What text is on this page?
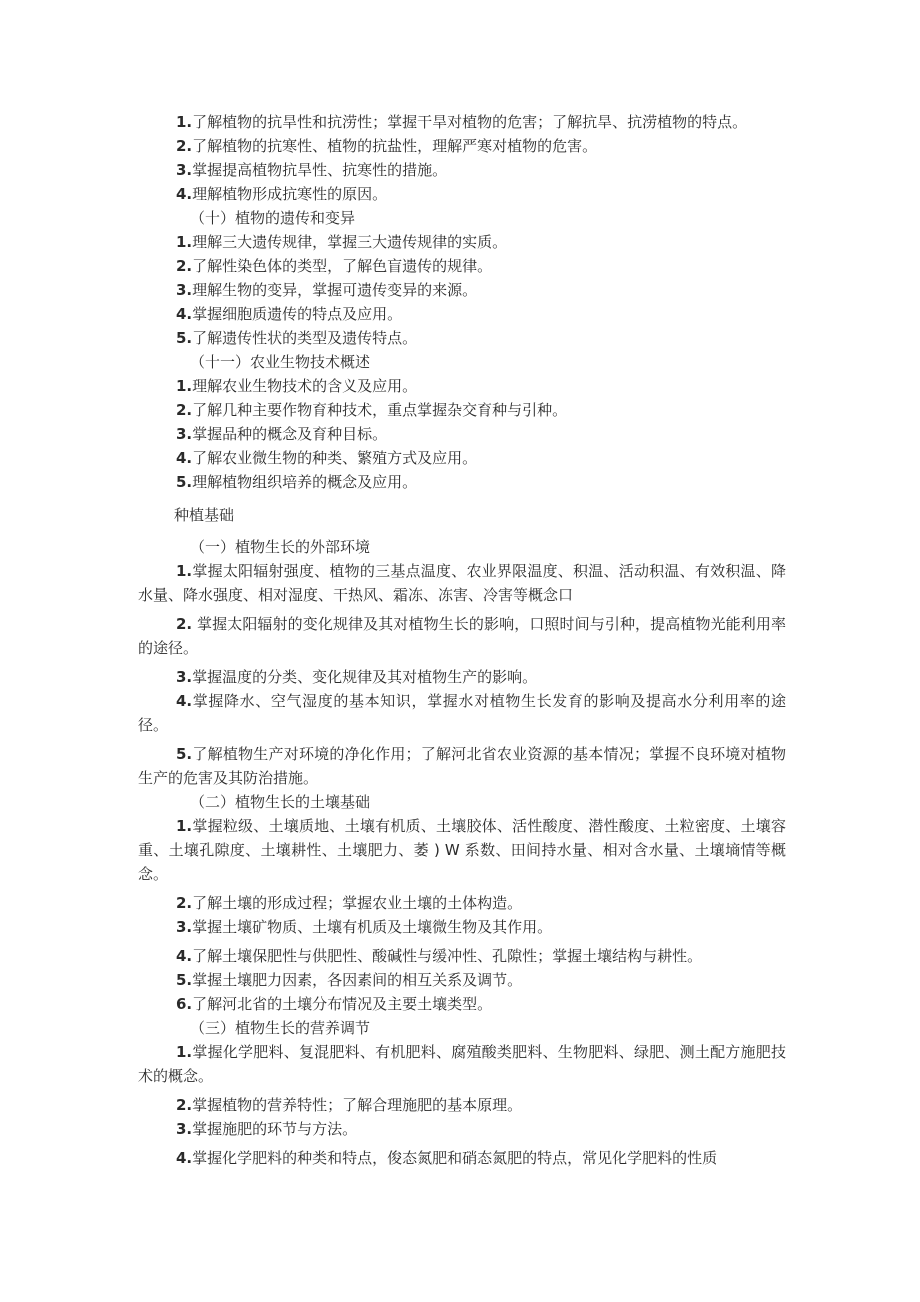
1.了解植物的抗旱性和抗涝性；掌握干旱对植物的危害；了解抗旱、抗涝植物的特点。

2.了解植物的抗寒性、植物的抗盐性，理解严寒对植物的危害。

3.掌握提高植物抗旱性、抗寒性的措施。

4.理解植物形成抗寒性的原因。

（十）植物的遗传和变异

1.理解三大遗传规律，掌握三大遗传规律的实质。

2.了解性染色体的类型，了解色盲遗传的规律。

3.理解生物的变异，掌握可遗传变异的来源。

4.掌握细胞质遗传的特点及应用。

5.了解遗传性状的类型及遗传特点。

（十一）农业生物技术概述

1.理解农业生物技术的含义及应用。

2.了解几种主要作物育种技术，重点掌握杂交育种与引种。

3.掌握品种的概念及育种目标。

4.了解农业微生物的种类、繁殖方式及应用。

5.理解植物组织培养的概念及应用。

种植基础

（一）植物生长的外部环境

1.掌握太阳辐射强度、植物的三基点温度、农业界限温度、积温、活动积温、有效积温、降水量、降水强度、相对湿度、干热风、霜冻、冻害、冷害等概念口

2. 掌握太阳辐射的变化规律及其对植物生长的影响，口照时间与引种，提高植物光能利用率的途径。

3.掌握温度的分类、变化规律及其对植物生产的影响。

4.掌握降水、空气湿度的基本知识，掌握水对植物生长发育的影响及提高水分利用率的途径。

5.了解植物生产对环境的净化作用；了解河北省农业资源的基本情况；掌握不良环境对植物生产的危害及其防治措施。

（二）植物生长的土壤基础

1.掌握粒级、土壤质地、土壤有机质、土壤胶体、活性酸度、潜性酸度、土粒密度、土壤容重、土壤孔隙度、土壤耕性、土壤肥力、萎 ) W 系数、田间持水量、相对含水量、土壤墒情等概念。

2.了解土壤的形成过程；掌握农业土壤的土体构造。

3.掌握土壤矿物质、土壤有机质及土壤微生物及其作用。

4.了解土壤保肥性与供肥性、酸碱性与缓冲性、孔隙性；掌握土壤结构与耕性。

5.掌握土壤肥力因素，各因素间的相互关系及调节。

6.了解河北省的土壤分布情况及主要土壤类型。

（三）植物生长的营养调节

1.掌握化学肥料、复混肥料、有机肥料、腐殖酸类肥料、生物肥料、绿肥、测土配方施肥技术的概念。

2.掌握植物的营养特性；了解合理施肥的基本原理。

3.掌握施肥的环节与方法。

4.掌握化学肥料的种类和特点，俊态氮肥和硝态氮肥的特点，常见化学肥料的性质
